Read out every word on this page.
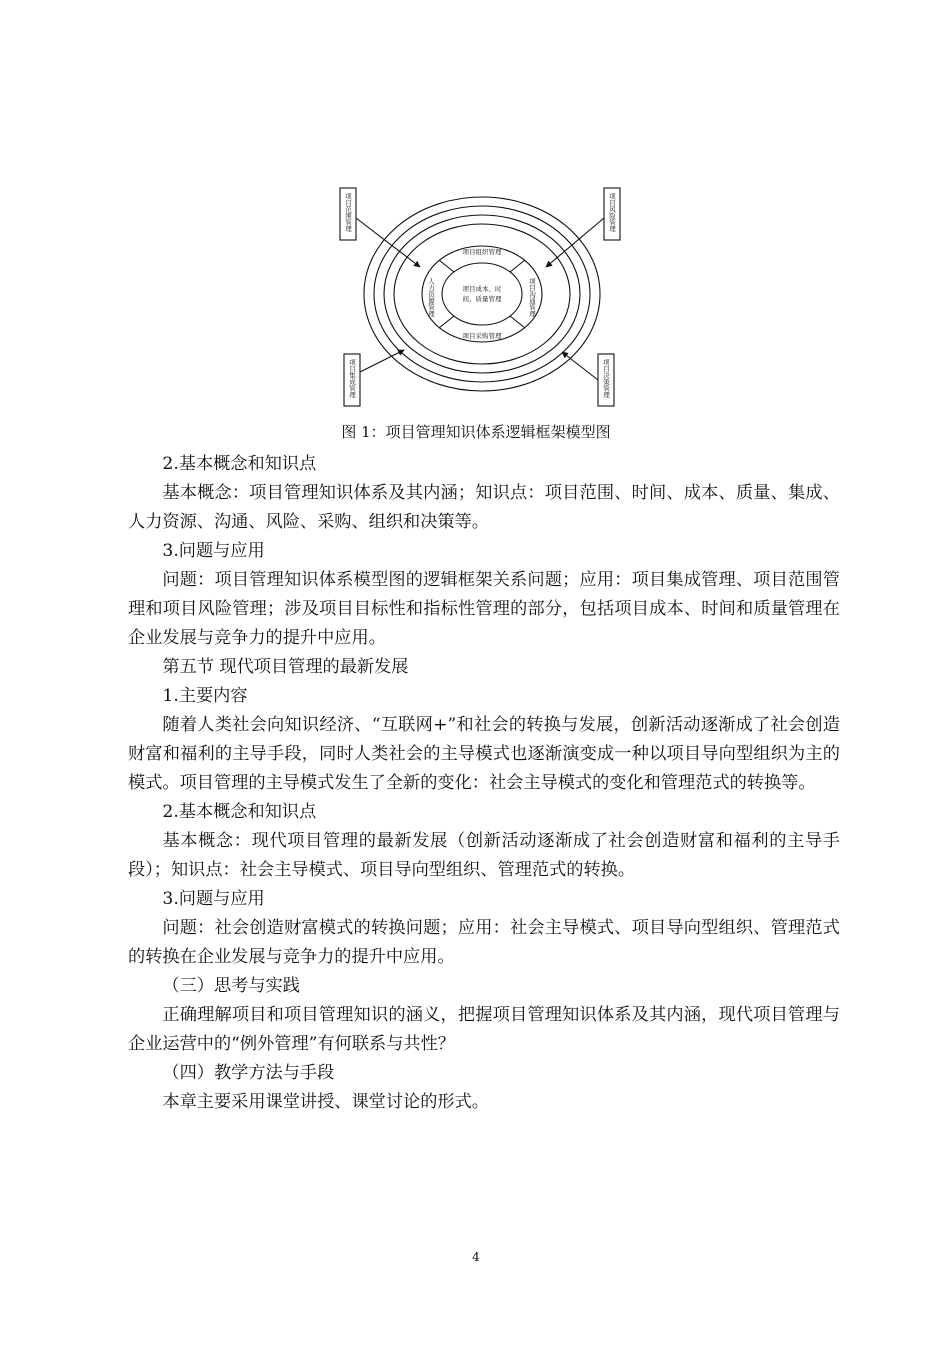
项目组织管理
项目采购管理
项目成本、时
间、质量管理
人力资源管理	项目沟通管理
项目范围管理	项目风险管理
项目集成管理	项目决策管理
图 1：项目管理知识体系逻辑框架模型图

2.基本概念和知识点

基本概念：项目管理知识体系及其内涵；知识点：项目范围、时间、成本、质量、集成、人力资源、沟通、风险、采购、组织和决策等。

3.问题与应用

问题：项目管理知识体系模型图的逻辑框架关系问题；应用：项目集成管理、项目范围管理和项目风险管理；涉及项目目标性和指标性管理的部分，包括项目成本、时间和质量管理在企业发展与竞争力的提升中应用。

第五节 现代项目管理的最新发展

1.主要内容

随着人类社会向知识经济、“互联网+”和社会的转换与发展，创新活动逐渐成了社会创造财富和福利的主导手段，同时人类社会的主导模式也逐渐演变成一种以项目导向型组织为主的模式。项目管理的主导模式发生了全新的变化：社会主导模式的变化和管理范式的转换等。

2.基本概念和知识点

基本概念：现代项目管理的最新发展（创新活动逐渐成了社会创造财富和福利的主导手段）；知识点：社会主导模式、项目导向型组织、管理范式的转换。

3.问题与应用

问题：社会创造财富模式的转换问题；应用：社会主导模式、项目导向型组织、管理范式的转换在企业发展与竞争力的提升中应用。

（三）思考与实践

正确理解项目和项目管理知识的涵义，把握项目管理知识体系及其内涵，现代项目管理与企业运营中的“例外管理”有何联系与共性？

（四）教学方法与手段

本章主要采用课堂讲授、课堂讨论的形式。

4
